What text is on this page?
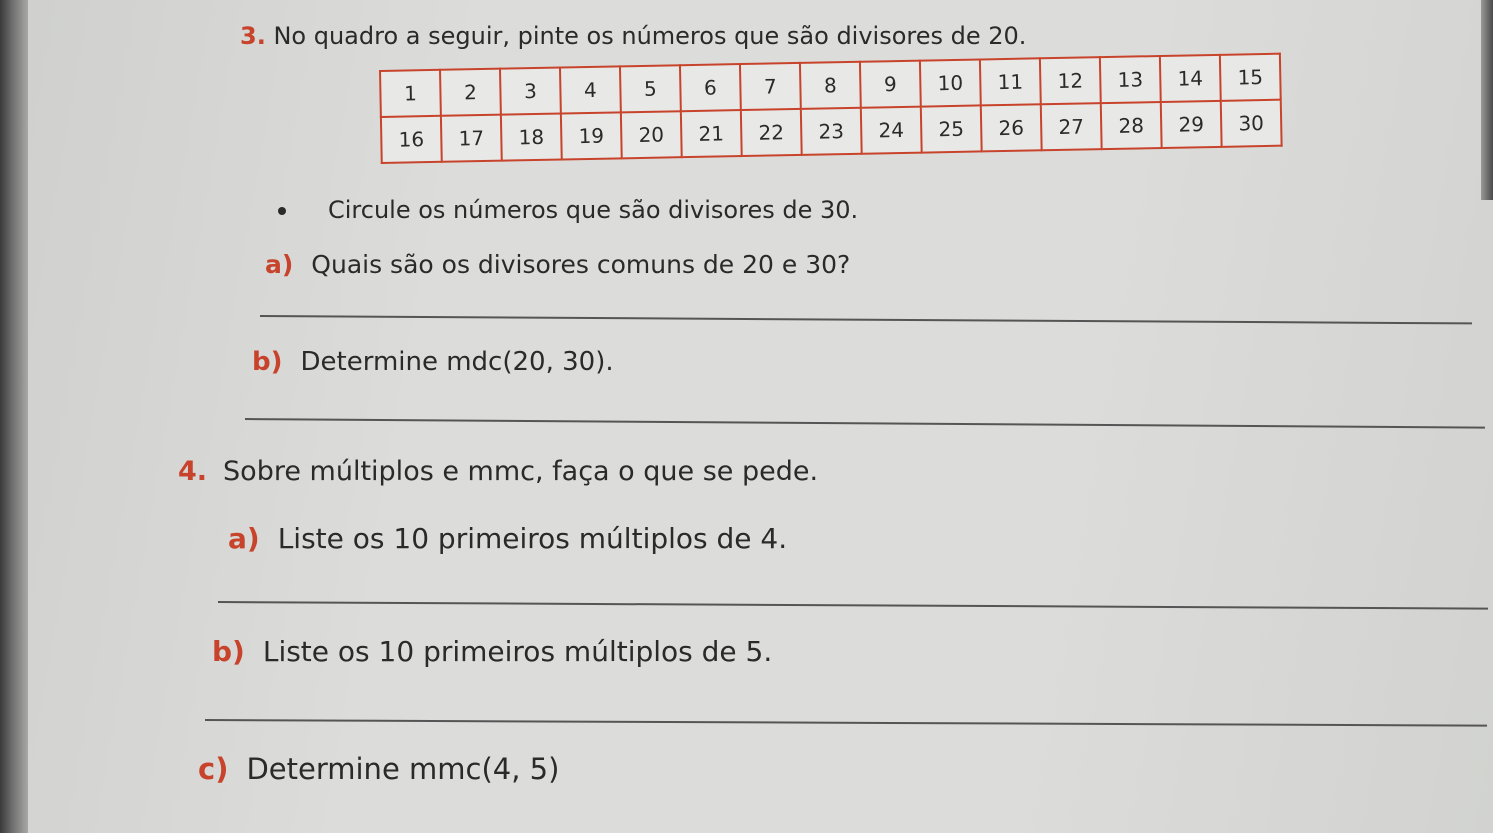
3. No quadro a seguir, pinte os números que são divisores de 20.
1	2	3	4	5	6	7	8	9	10	11	12	13	14	15
16	17	18	19	20	21	22	23	24	25	26	27	28	29	30
Circule os números que são divisores de 30.
a) Quais são os divisores comuns de 20 e 30?
b) Determine mdc(20, 30).
4. Sobre múltiplos e mmc, faça o que se pede.
a) Liste os 10 primeiros múltiplos de 4.
b) Liste os 10 primeiros múltiplos de 5.
c) Determine mmc(4, 5)
